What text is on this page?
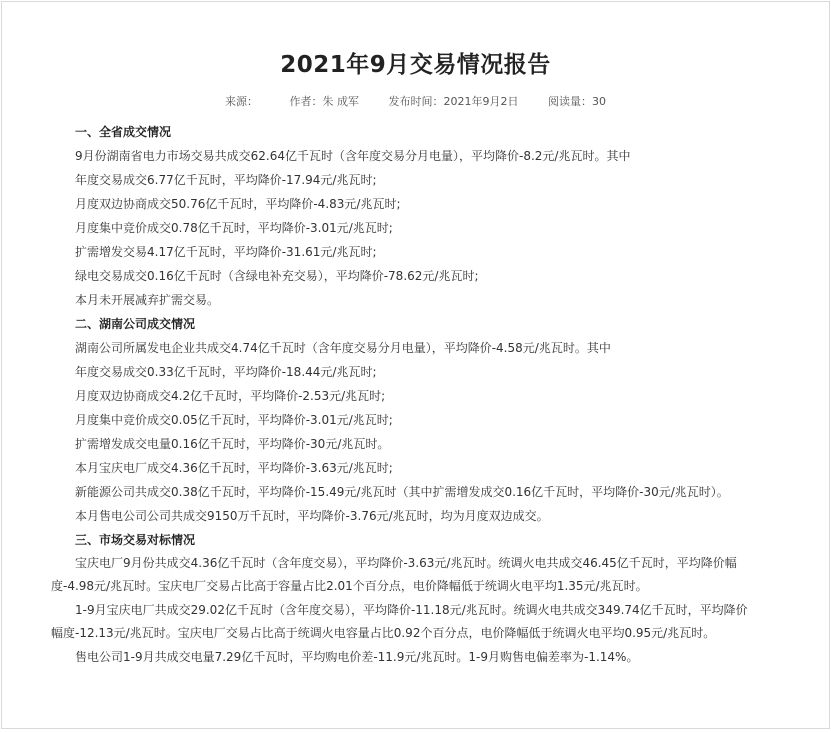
2021年9月交易情况报告
来源：	作者：朱 成军	发布时间：2021年9月2日	阅读量：30

一、全省成交情况

9月份湖南省电力市场交易共成交62.64亿千瓦时（含年度交易分月电量），平均降价-8.2元/兆瓦时。其中

年度交易成交6.77亿千瓦时，平均降价-17.94元/兆瓦时;

月度双边协商成交50.76亿千瓦时，平均降价-4.83元/兆瓦时;

月度集中竞价成交0.78亿千瓦时，平均降价-3.01元/兆瓦时;

扩需增发交易4.17亿千瓦时，平均降价-31.61元/兆瓦时;

绿电交易成交0.16亿千瓦时（含绿电补充交易），平均降价-78.62元/兆瓦时;

本月未开展减弃扩需交易。

二、湖南公司成交情况

湖南公司所属发电企业共成交4.74亿千瓦时（含年度交易分月电量），平均降价-4.58元/兆瓦时。其中

年度交易成交0.33亿千瓦时，平均降价-18.44元/兆瓦时;

月度双边协商成交4.2亿千瓦时，平均降价-2.53元/兆瓦时;

月度集中竞价成交0.05亿千瓦时，平均降价-3.01元/兆瓦时;

扩需增发成交电量0.16亿千瓦时，平均降价-30元/兆瓦时。

本月宝庆电厂成交4.36亿千瓦时，平均降价-3.63元/兆瓦时;

新能源公司共成交0.38亿千瓦时，平均降价-15.49元/兆瓦时（其中扩需增发成交0.16亿千瓦时，平均降价-30元/兆瓦时）。

本月售电公司公司共成交9150万千瓦时，平均降价-3.76元/兆瓦时，均为月度双边成交。

三、市场交易对标情况

宝庆电厂9月份共成交4.36亿千瓦时（含年度交易），平均降价-3.63元/兆瓦时。统调火电共成交46.45亿千瓦时，平均降价幅度-4.98元/兆瓦时。宝庆电厂交易占比高于容量占比2.01个百分点，电价降幅低于统调火电平均1.35元/兆瓦时。

1-9月宝庆电厂共成交29.02亿千瓦时（含年度交易），平均降价-11.18元/兆瓦时。统调火电共成交349.74亿千瓦时，平均降价幅度-12.13元/兆瓦时。宝庆电厂交易占比高于统调火电容量占比0.92个百分点，电价降幅低于统调火电平均0.95元/兆瓦时。

售电公司1-9月共成交电量7.29亿千瓦时，平均购电价差-11.9元/兆瓦时。1-9月购售电偏差率为-1.14%。
